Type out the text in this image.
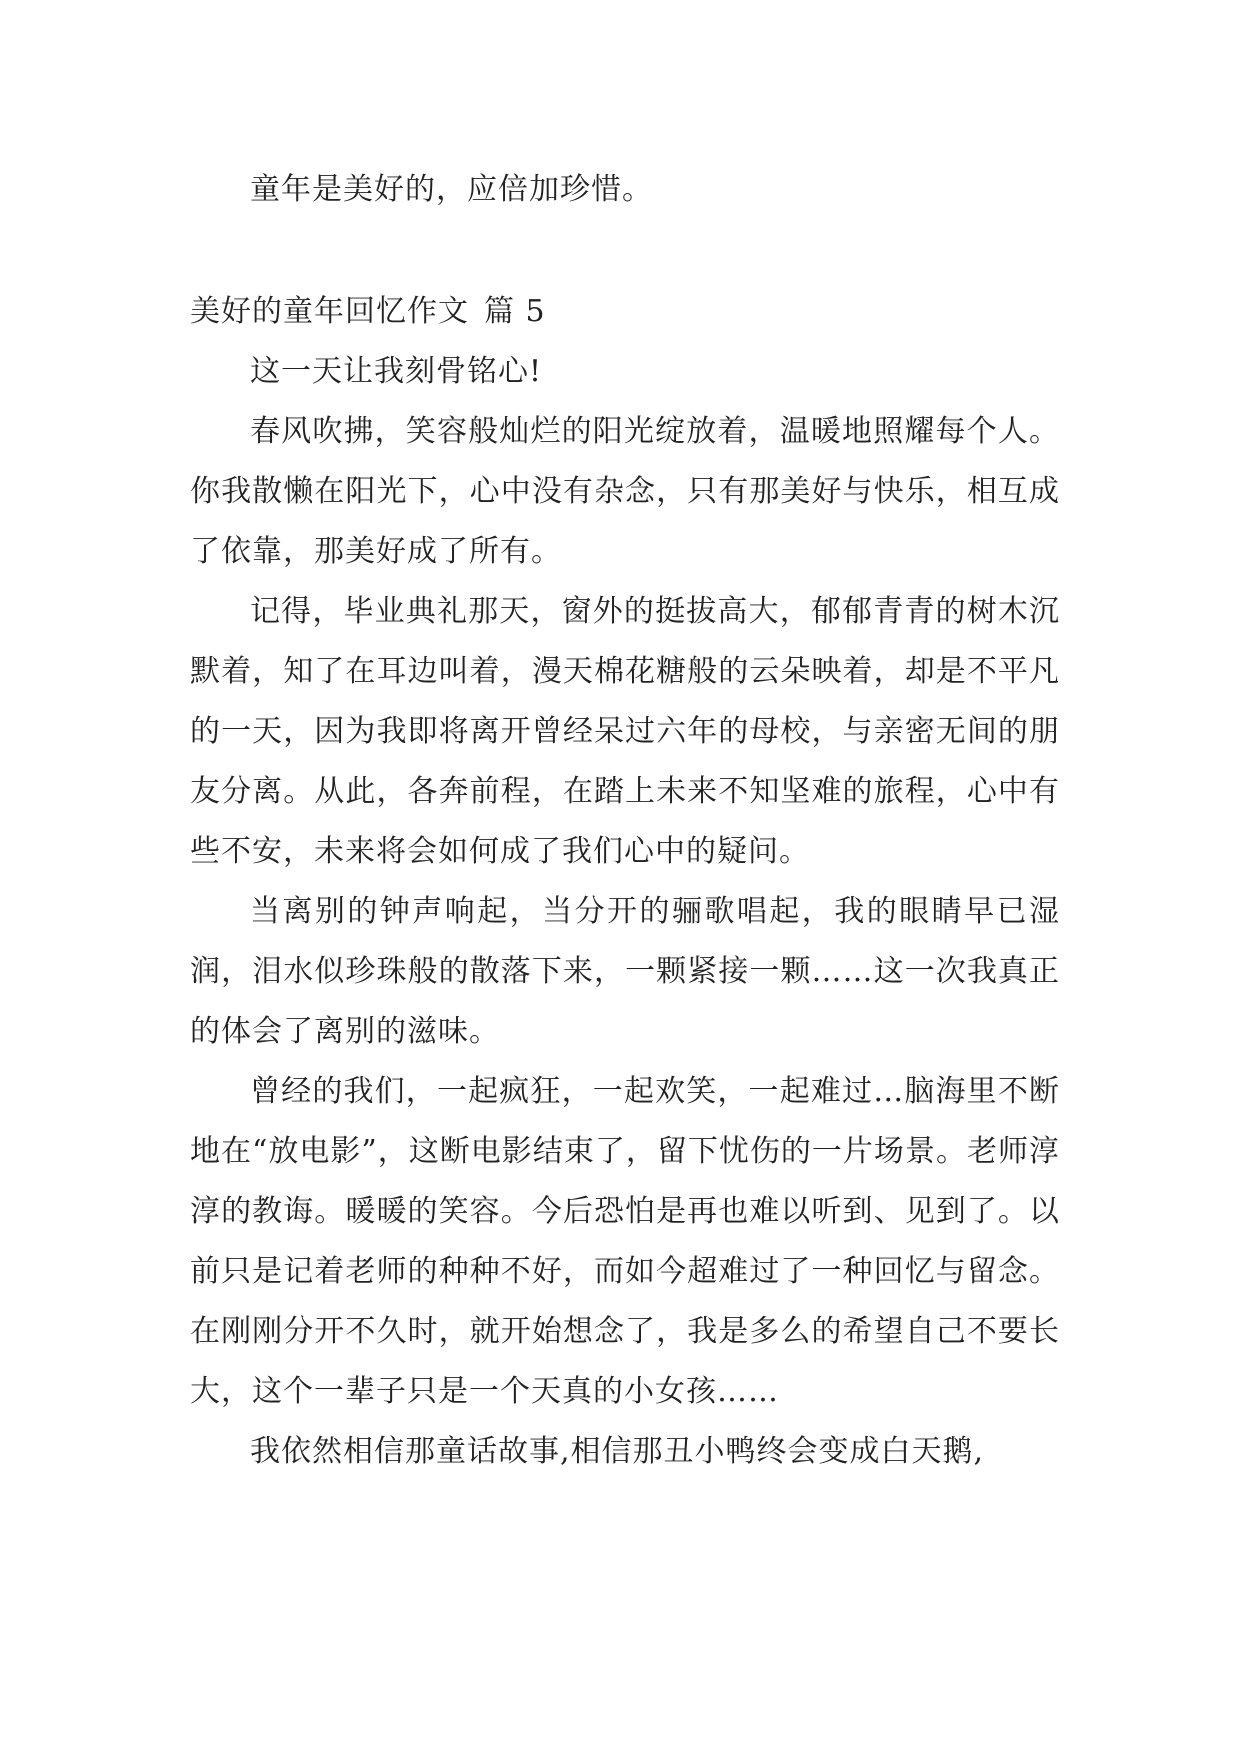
童年是美好的，应倍加珍惜。

美好的童年回忆作文 篇 5

这一天让我刻骨铭心!

春风吹拂，笑容般灿烂的阳光绽放着，温暖地照耀每个人。你我散懒在阳光下，心中没有杂念，只有那美好与快乐，相互成了依靠，那美好成了所有。

记得，毕业典礼那天，窗外的挺拔高大，郁郁青青的树木沉默着，知了在耳边叫着，漫天棉花糖般的云朵映着，却是不平凡的一天，因为我即将离开曾经呆过六年的母校，与亲密无间的朋友分离。从此，各奔前程，在踏上未来不知坚难的旅程，心中有些不安，未来将会如何成了我们心中的疑问。

当离别的钟声响起，当分开的骊歌唱起，我的眼睛早已湿润，泪水似珍珠般的散落下来，一颗紧接一颗……这一次我真正的体会了离别的滋味。

曾经的我们，一起疯狂，一起欢笑，一起难过…脑海里不断地在“放电影”，这断电影结束了，留下忧伤的一片场景。老师淳淳的教诲。暖暖的笑容。今后恐怕是再也难以听到、见到了。以前只是记着老师的种种不好，而如今超难过了一种回忆与留念。在刚刚分开不久时，就开始想念了，我是多么的希望自己不要长大，这个一辈子只是一个天真的小女孩……

我依然相信那童话故事,相信那丑小鸭终会变成白天鹅,
